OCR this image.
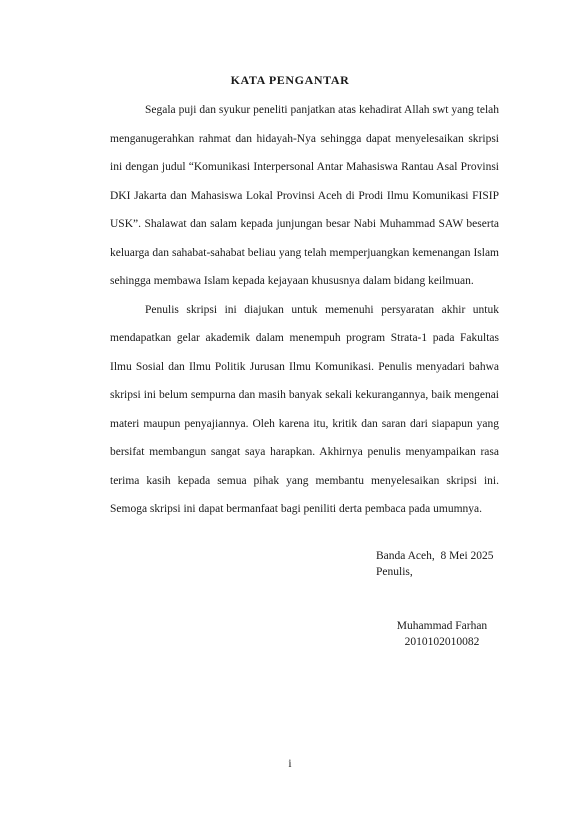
KATA PENGANTAR

Segala puji dan syukur peneliti panjatkan atas kehadirat Allah swt yang telah menganugerahkan rahmat dan hidayah-Nya sehingga dapat menyelesaikan skripsi ini dengan judul “Komunikasi Interpersonal Antar Mahasiswa Rantau Asal Provinsi DKI Jakarta dan Mahasiswa Lokal Provinsi Aceh di Prodi Ilmu Komunikasi FISIP USK”. Shalawat dan salam kepada junjungan besar Nabi Muhammad SAW beserta keluarga dan sahabat-sahabat beliau yang telah memperjuangkan kemenangan Islam sehingga membawa Islam kepada kejayaan khususnya dalam bidang keilmuan.

Penulis skripsi ini diajukan untuk memenuhi persyaratan akhir untuk mendapatkan gelar akademik dalam menempuh program Strata-1 pada Fakultas Ilmu Sosial dan Ilmu Politik Jurusan Ilmu Komunikasi. Penulis menyadari bahwa skripsi ini belum sempurna dan masih banyak sekali kekurangannya, baik mengenai materi maupun penyajiannya. Oleh karena itu, kritik dan saran dari siapapun yang bersifat membangun sangat saya harapkan. Akhirnya penulis menyampaikan rasa terima kasih kepada semua pihak yang membantu menyelesaikan skripsi ini. Semoga skripsi ini dapat bermanfaat bagi peniliti derta pembaca pada umumnya.

Banda Aceh,  8 Mei 2025
Penulis,
Muhammad Farhan
2010102010082
i
